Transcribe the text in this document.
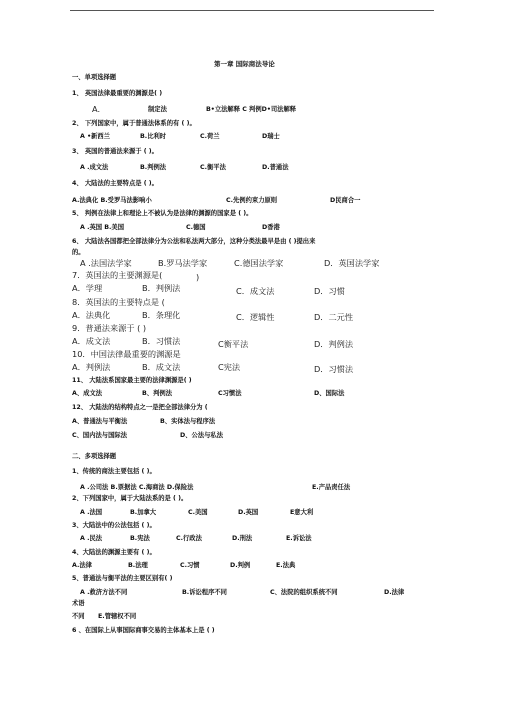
第一章 国际商法导论
一、单项选择题
1、 英国法律最重要的渊源是( )
A.	制定法	B•立法解释 C 判例D•司法解释
2、 下列国家中，属于普通法体系的有 ( )。
A •新西兰	B.比利时	C.荷兰	D瑞士
3、 英国的普通法来源于 ( )。
A .成文法	B.判例法	C.衡平法	D.普通法
4、 大陆法的主要特点是 ( )。
A.法典化 B.受罗马法影响小	C.先例约束力原则	D民商合一
5、 判例在法律上和理论上不被认为是法律的渊源的国家是 ( )。
A .英国 B.美国	C.德国	D香港
6、 大陆法各国都把全部法律分为公法和私法两大部分，这种分类法最早是由 ( )提出来
的。
A .法国法学家	B.罗马法学家	C.德国法学家	D．英国法学家
7．英国法的主要渊源是(	)
A．学理	B．判例法	C．成文法	D．习惯
8．英国法的主要特点是 (
A．法典化	B．条理化	C．逻辑性	D．二元性
9．普通法来源于 ( )
A．成文法	B．习惯法	C衡平法	D．判例法
10．中国法律最重要的渊源是
A．判例法	B．成文法	C宪法	D．习惯法
11、 大陆法系国家最主要的法律渊源是( )
A、成文法	B、判例法	C习惯法	D、国际法
12、 大陆法的结构特点之一是把全部法律分为 (
A、普通法与平衡法	B、实体法与程序法
C、国内法与国际法	D、公法与私法
二、多项选择题
1、传统的商法主要包括 ( )。
A .公司法 B.票据法 C.海商法 D.保险法	E.产品责任法
2、下列国家中，属于大陆法系的是 ( )。
A .法国	B.加拿大	C.美国	D.英国	E意大利
3、大陆法中的公法包括 ( )。
A .民法	B.宪法	C.行政法	D.刑法	E.诉讼法
4、大陆法的渊源主要有 ( )。
A.法律	B.法理	C.习惯	D.判例	E.法典
5、普通法与衡平法的主要区别有( )
A .救济方法不同	B.诉讼程序不同	C、法院的组织系统不同	D.法律
术语
不同 E.管辖权不同
6 、在国际上从事国际商事交易的主体基本上是 ( )
